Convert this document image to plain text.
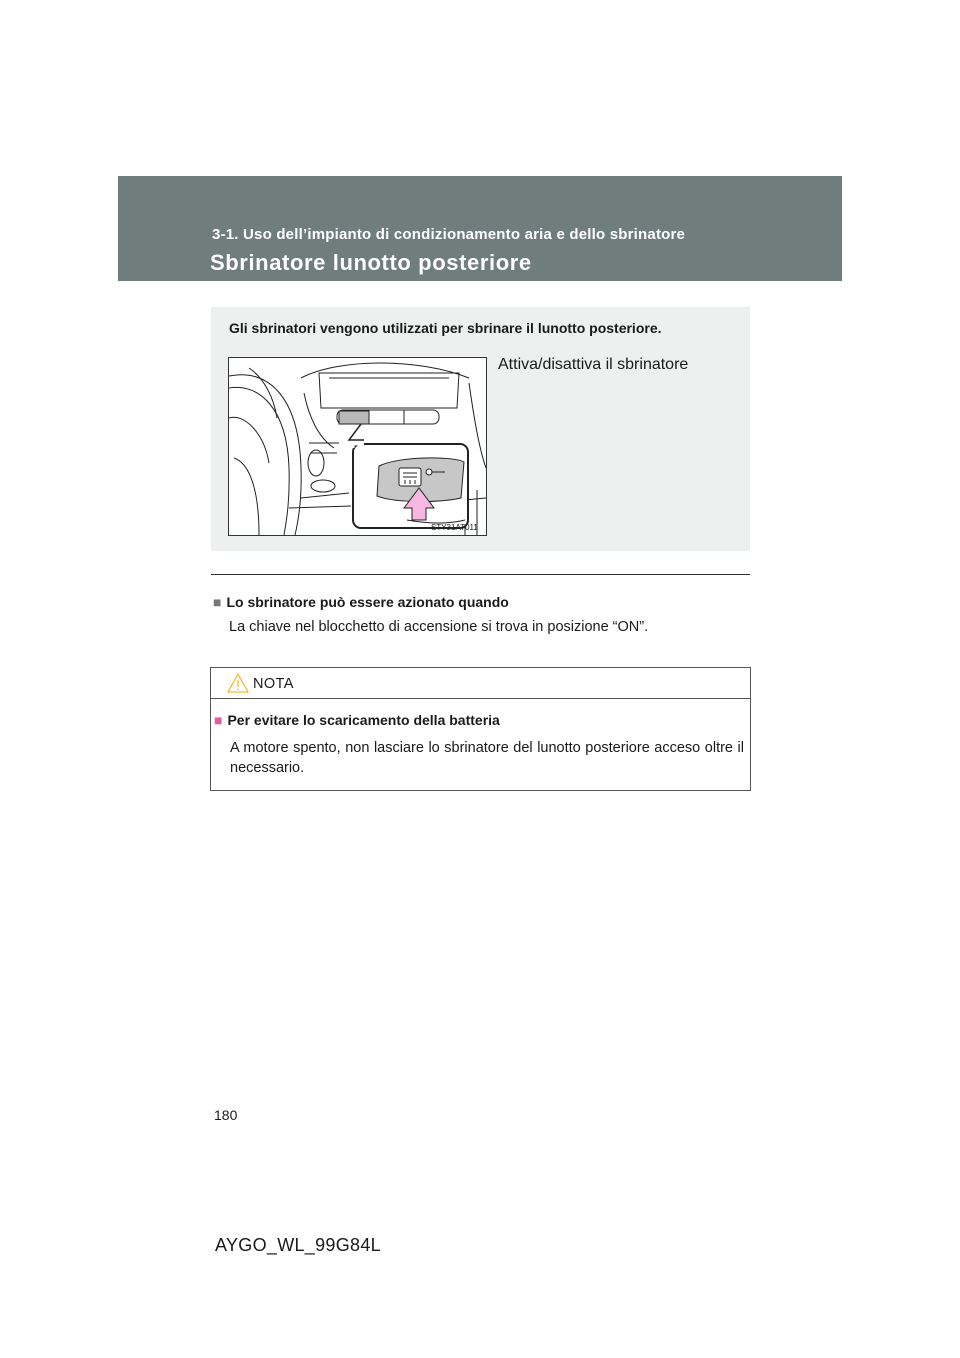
3-1. Uso dell’impianto di condizionamento aria e dello sbrinatore
Sbrinatore lunotto posteriore
Gli sbrinatori vengono utilizzati per sbrinare il lunotto posteriore.
STY31AT011
Attiva/disattiva il sbrinatore
■ Lo sbrinatore può essere azionato quando
La chiave nel blocchetto di accensione si trova in posizione “ON”.
NOTA
■ Per evitare lo scaricamento della batteria
A motore spento, non lasciare lo sbrinatore del lunotto posteriore acceso oltre il necessario.
180
AYGO_WL_99G84L
